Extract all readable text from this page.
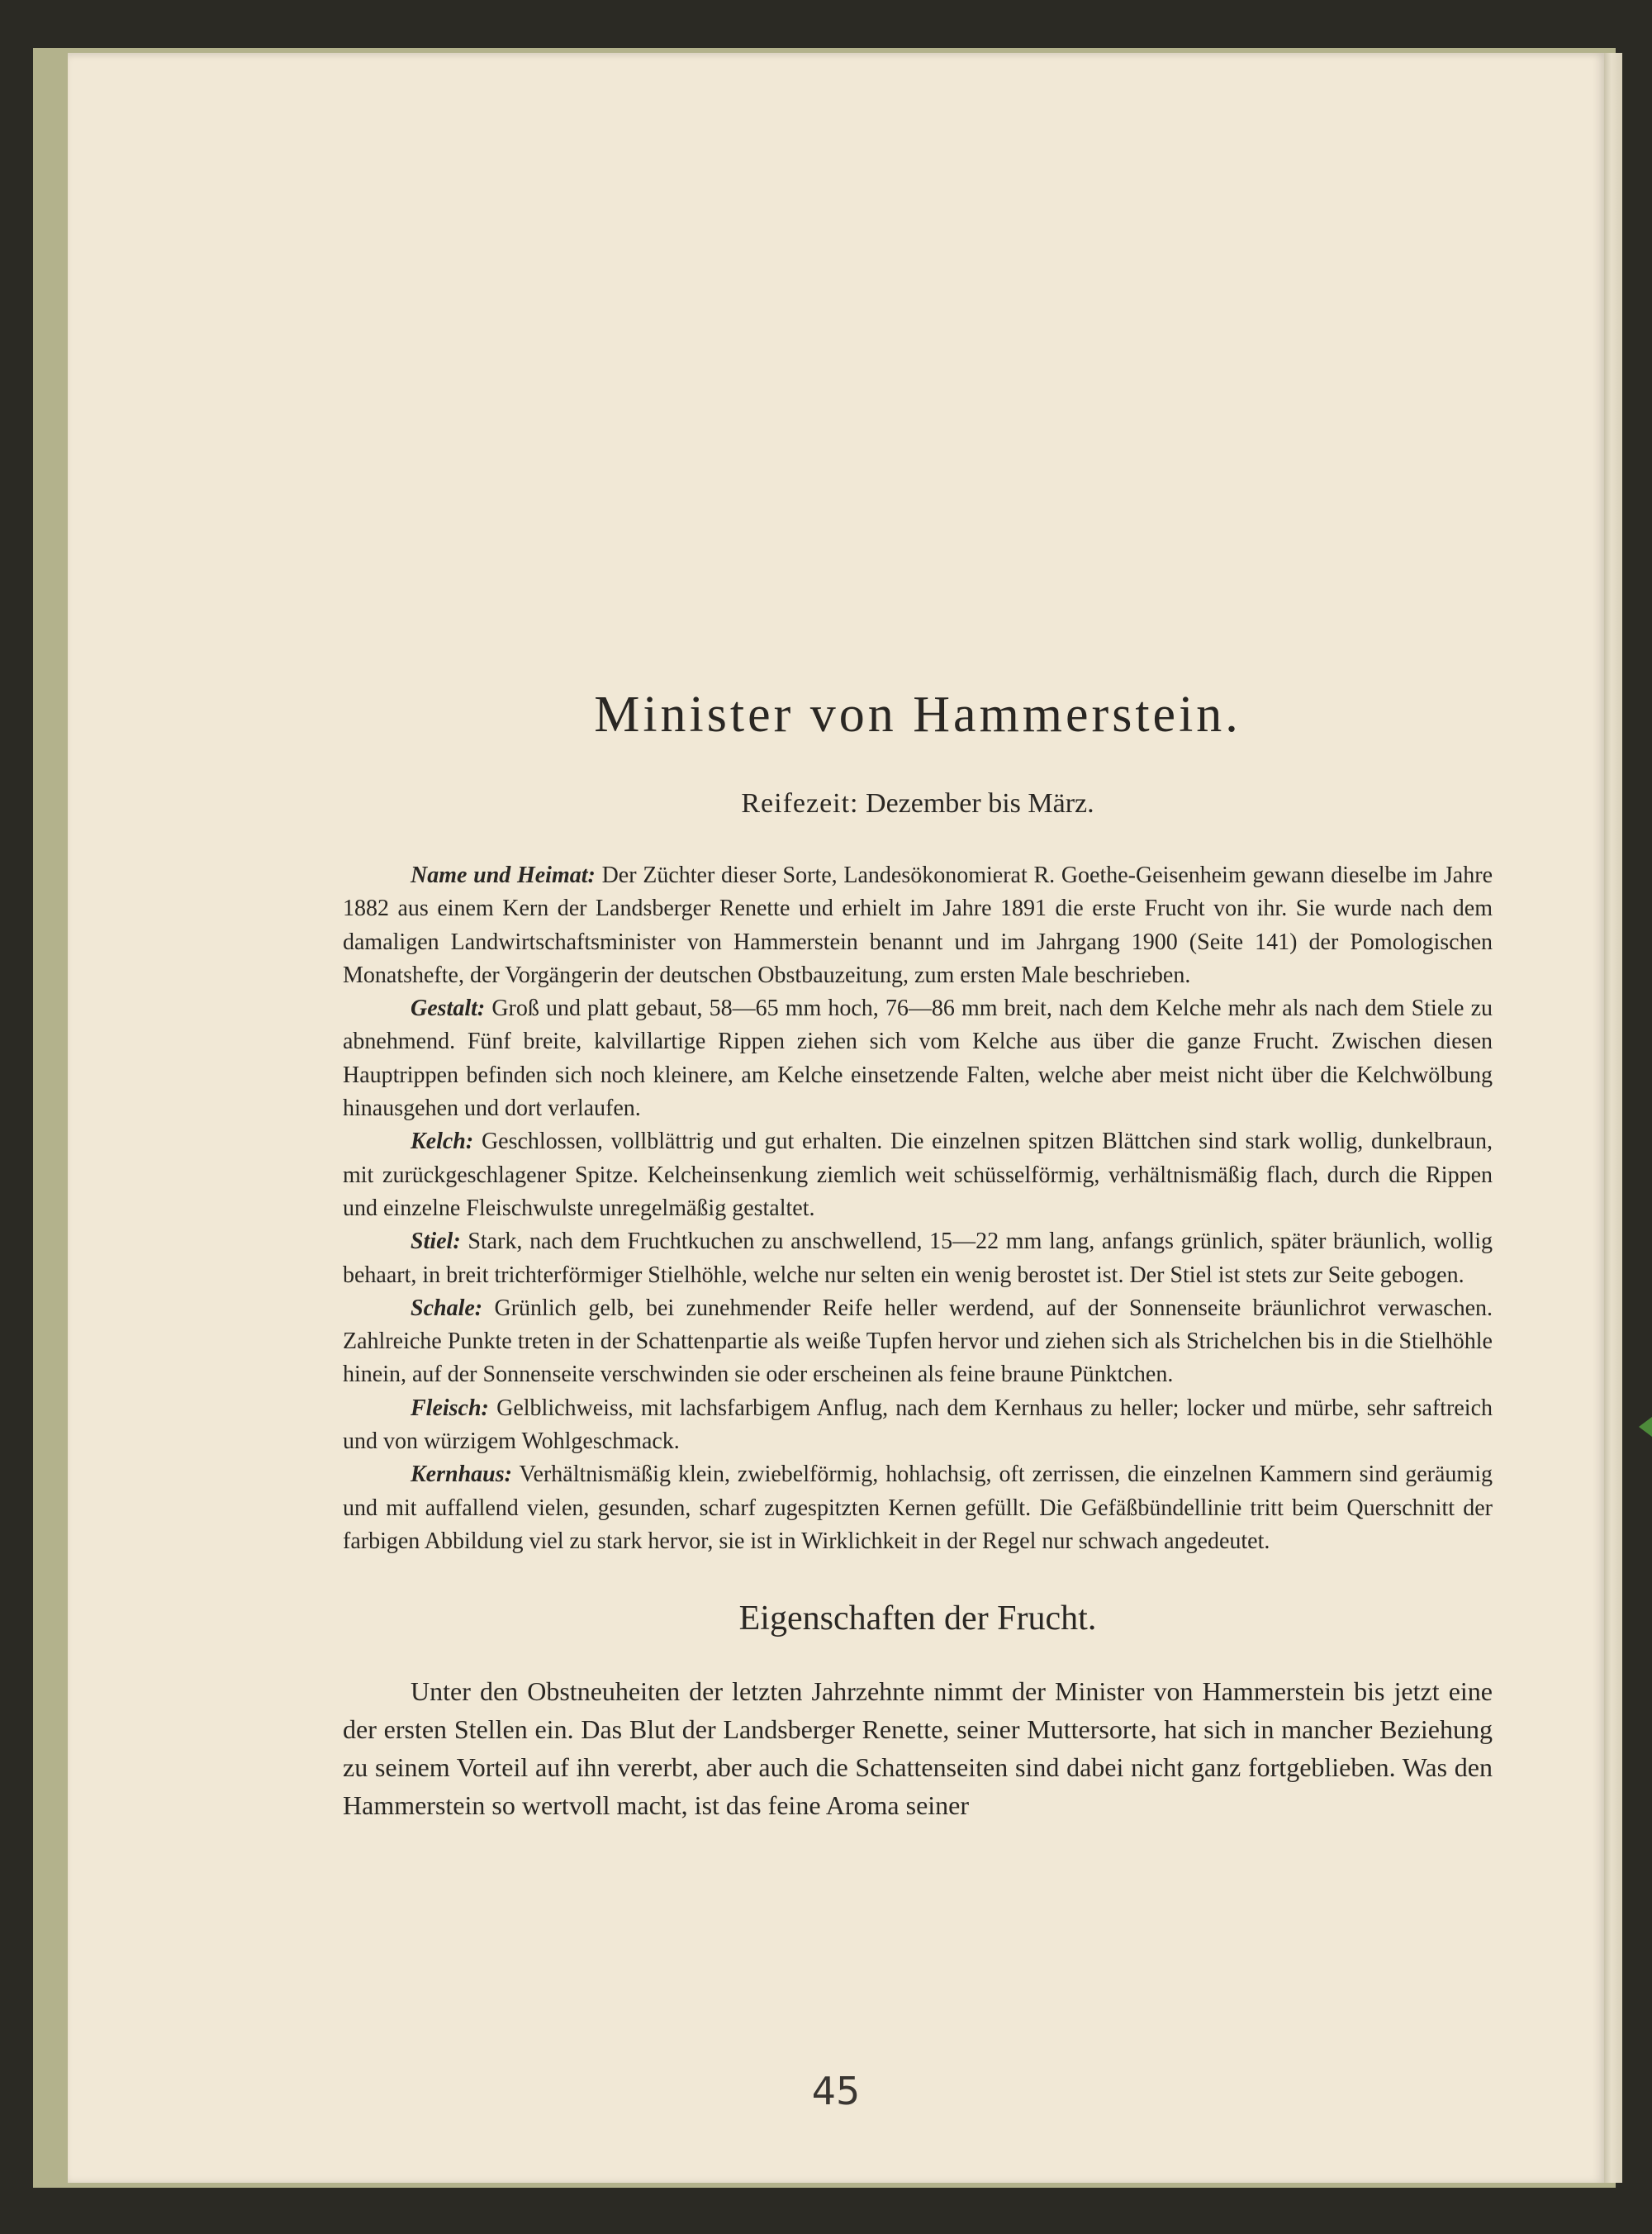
Minister von Hammerstein.
Reifezeit: Dezember bis März.

Name und Heimat: Der Züchter dieser Sorte, Landesökonomierat R. Goethe-Geisenheim gewann dieselbe im Jahre 1882 aus einem Kern der Landsberger Renette und erhielt im Jahre 1891 die erste Frucht von ihr. Sie wurde nach dem damaligen Landwirtschaftsminister von Hammerstein benannt und im Jahrgang 1900 (Seite 141) der Pomologischen Monatshefte, der Vorgängerin der deutschen Obstbauzeitung, zum ersten Male beschrieben.

Gestalt: Groß und platt gebaut, 58—65 mm hoch, 76—86 mm breit, nach dem Kelche mehr als nach dem Stiele zu abnehmend. Fünf breite, kalvillartige Rippen ziehen sich vom Kelche aus über die ganze Frucht. Zwischen diesen Hauptrippen befinden sich noch kleinere, am Kelche einsetzende Falten, welche aber meist nicht über die Kelchwölbung hinausgehen und dort verlaufen.

Kelch: Geschlossen, vollblättrig und gut erhalten. Die einzelnen spitzen Blättchen sind stark wollig, dunkelbraun, mit zurückgeschlagener Spitze. Kelcheinsenkung ziemlich weit schüsselförmig, verhältnismäßig flach, durch die Rippen und einzelne Fleischwulste unregelmäßig gestaltet.

Stiel: Stark, nach dem Fruchtkuchen zu anschwellend, 15—22 mm lang, anfangs grünlich, später bräunlich, wollig behaart, in breit trichterförmiger Stielhöhle, welche nur selten ein wenig berostet ist. Der Stiel ist stets zur Seite gebogen.

Schale: Grünlich gelb, bei zunehmender Reife heller werdend, auf der Sonnenseite bräunlichrot verwaschen. Zahlreiche Punkte treten in der Schattenpartie als weiße Tupfen hervor und ziehen sich als Strichelchen bis in die Stielhöhle hinein, auf der Sonnenseite verschwinden sie oder erscheinen als feine braune Pünktchen.

Fleisch: Gelblichweiss, mit lachsfarbigem Anflug, nach dem Kernhaus zu heller; locker und mürbe, sehr saftreich und von würzigem Wohlgeschmack.

Kernhaus: Verhältnismäßig klein, zwiebelförmig, hohlachsig, oft zerrissen, die einzelnen Kammern sind geräumig und mit auffallend vielen, gesunden, scharf zugespitzten Kernen gefüllt. Die Gefäßbündellinie tritt beim Querschnitt der farbigen Abbildung viel zu stark hervor, sie ist in Wirklichkeit in der Regel nur schwach angedeutet.

Eigenschaften der Frucht.

Unter den Obstneuheiten der letzten Jahrzehnte nimmt der Minister von Hammerstein bis jetzt eine der ersten Stellen ein. Das Blut der Landsberger Renette, seiner Muttersorte, hat sich in mancher Beziehung zu seinem Vorteil auf ihn vererbt, aber auch die Schattenseiten sind dabei nicht ganz fortgeblieben. Was den Hammerstein so wertvoll macht, ist das feine Aroma seiner

45
